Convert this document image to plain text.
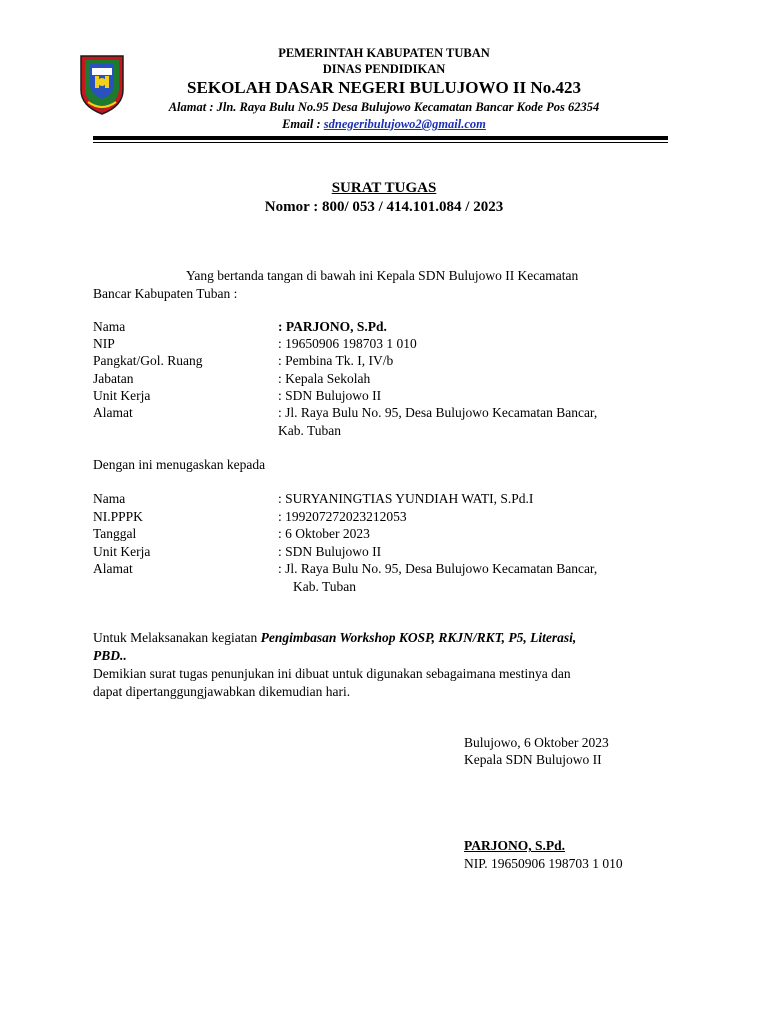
PEMERINTAH KABUPATEN TUBAN
DINAS PENDIDIKAN
SEKOLAH DASAR NEGERI BULUJOWO II No.423
Alamat : Jln. Raya Bulu No.95 Desa Bulujowo Kecamatan Bancar Kode Pos 62354
Email : sdnegeribulujowo2@gmail.com
SURAT TUGAS
Nomor : 800/ 053 / 414.101.084 / 2023
Yang bertanda tangan di bawah ini Kepala SDN Bulujowo II Kecamatan
Bancar Kabupaten Tuban :
Nama	: PARJONO, S.Pd.
NIP	: 19650906 198703 1 010
Pangkat/Gol. Ruang	: Pembina Tk. I, IV/b
Jabatan	: Kepala Sekolah
Unit Kerja	: SDN Bulujowo II
Alamat	: Jl. Raya Bulu No. 95, Desa Bulujowo Kecamatan Bancar,
Kab. Tuban
Dengan ini menugaskan kepada
Nama	: SURYANINGTIAS YUNDIAH WATI, S.Pd.I
NI.PPPK	: 199207272023212053
Tanggal	: 6 Oktober 2023
Unit Kerja	: SDN Bulujowo II
Alamat	: Jl. Raya Bulu No. 95, Desa Bulujowo Kecamatan Bancar,
Kab. Tuban
Untuk Melaksanakan kegiatan Pengimbasan Workshop KOSP, RKJN/RKT, P5, Literasi,
PBD..
Demikian surat tugas penunjukan ini dibuat untuk digunakan sebagaimana mestinya dan
dapat dipertanggungjawabkan dikemudian hari.
Bulujowo, 6 Oktober 2023
Kepala SDN Bulujowo II
PARJONO, S.Pd.
NIP. 19650906 198703 1 010
